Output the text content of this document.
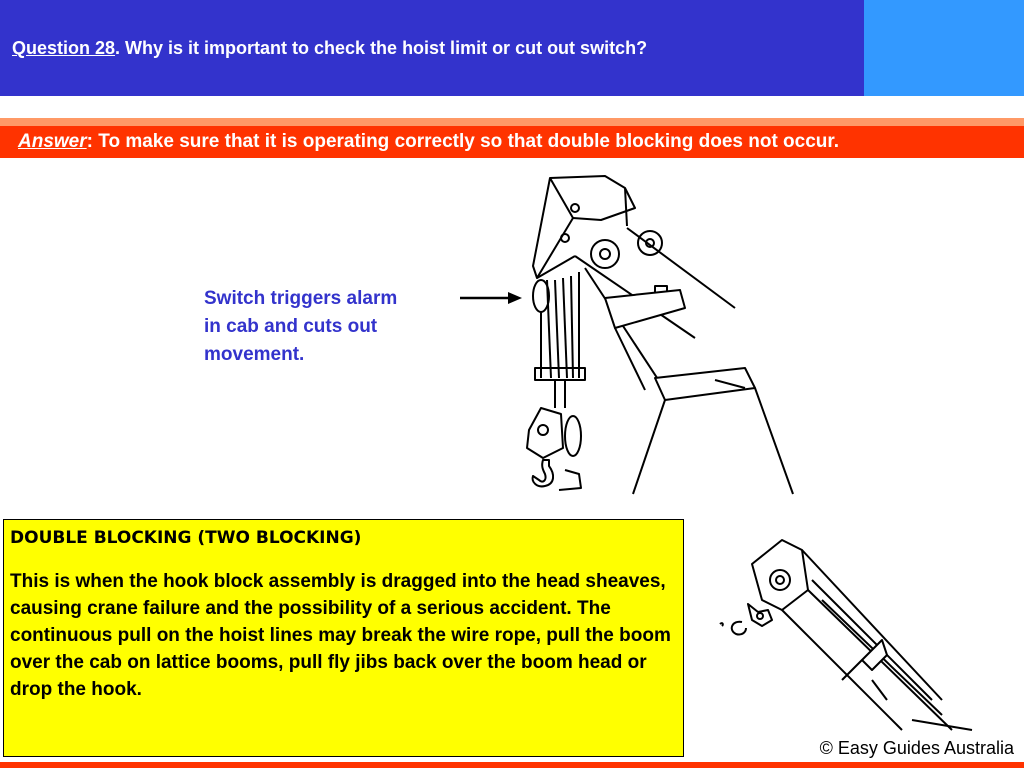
Question 28. Why is it important to check the hoist limit or cut out switch?
Answer: To make sure that it is operating correctly so that double blocking does not occur.
Switch triggers alarm
in cab and cuts out
movement.

DOUBLE BLOCKING (TWO BLOCKING)

This is when the hook block assembly is dragged into the head sheaves, causing crane failure and the possibility of a serious accident. The continuous pull on the hoist lines may break the wire rope, pull the boom over the cab on lattice booms, pull fly jibs back over the boom head or drop the hook.

© Easy Guides Australia
